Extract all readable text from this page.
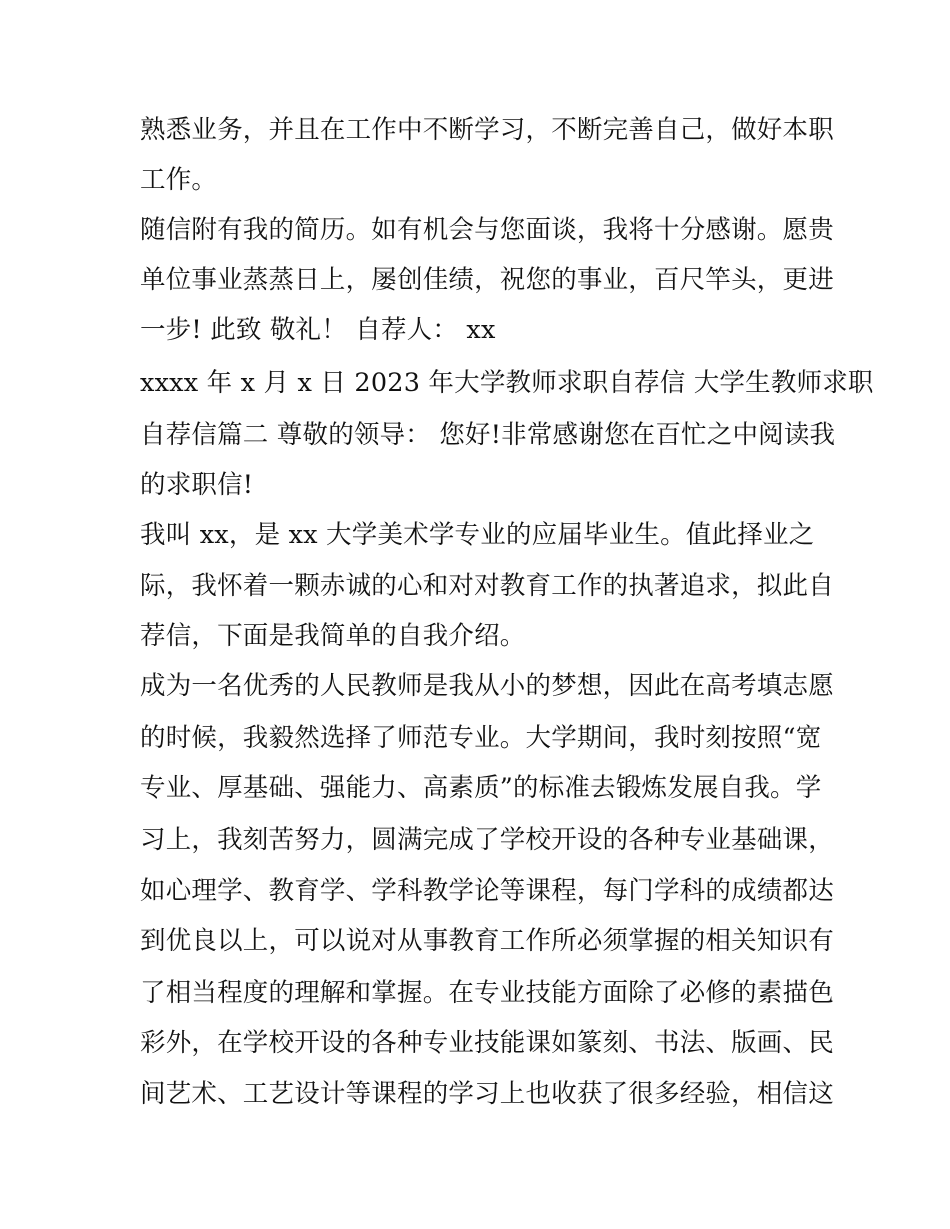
熟悉业务，并且在工作中不断学习，不断完善自己，做好本职
工作。
随信附有我的简历。如有机会与您面谈，我将十分感谢。愿贵
单位事业蒸蒸日上，屡创佳绩，祝您的事业，百尺竿头，更进
一步! 此致 敬礼！ 自荐人： xx
xxxx 年 x 月 x 日 2023 年大学教师求职自荐信 大学生教师求职
自荐信篇二 尊敬的领导： 您好!非常感谢您在百忙之中阅读我
的求职信!
我叫 xx，是 xx 大学美术学专业的应届毕业生。值此择业之
际，我怀着一颗赤诚的心和对对教育工作的执著追求，拟此自
荐信，下面是我简单的自我介绍。
成为一名优秀的人民教师是我从小的梦想，因此在高考填志愿
的时候，我毅然选择了师范专业。大学期间，我时刻按照“宽
专业、厚基础、强能力、高素质”的标准去锻炼发展自我。学
习上，我刻苦努力，圆满完成了学校开设的各种专业基础课，
如心理学、教育学、学科教学论等课程，每门学科的成绩都达
到优良以上，可以说对从事教育工作所必须掌握的相关知识有
了相当程度的理解和掌握。在专业技能方面除了必修的素描色
彩外，在学校开设的各种专业技能课如篆刻、书法、版画、民
间艺术、工艺设计等课程的学习上也收获了很多经验，相信这
